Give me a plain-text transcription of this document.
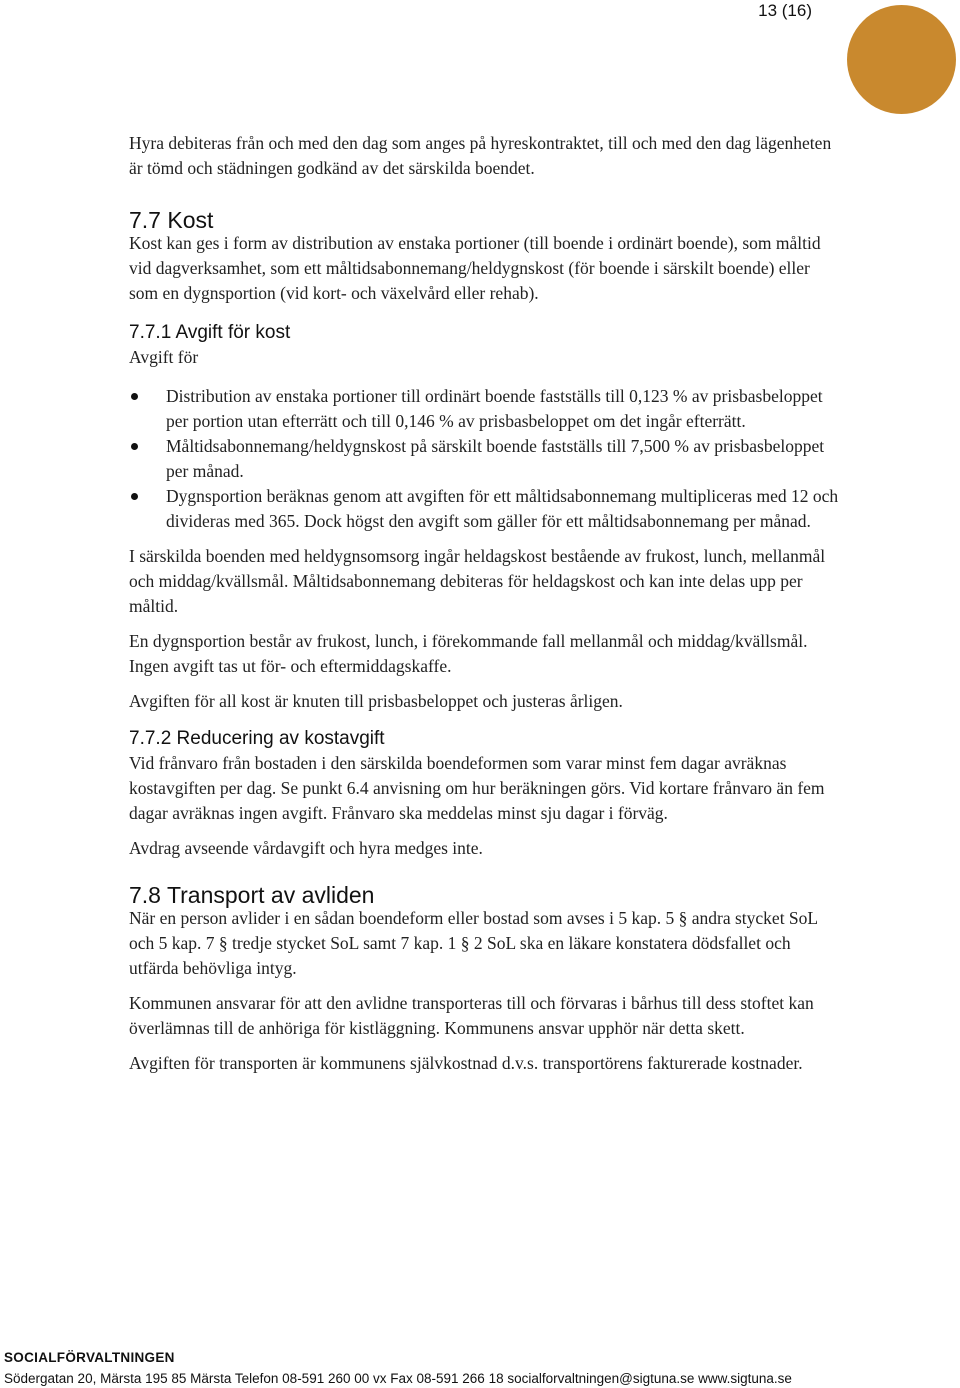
13 (16)

Hyra debiteras från och med den dag som anges på hyreskontraktet, till och med den dag lägenheten är tömd och städningen godkänd av det särskilda boendet.

7.7 Kost

Kost kan ges i form av distribution av enstaka portioner (till boende i ordinärt boende), som måltid vid dagverksamhet, som ett måltidsabonnemang/heldygnskost (för boende i särskilt boende) eller som en dygnsportion (vid kort- och växelvård eller rehab).

7.7.1 Avgift för kost

Avgift för

Distribution av enstaka portioner till ordinärt boende fastställs till 0,123 % av prisbasbeloppet per portion utan efterrätt och till 0,146 % av prisbasbeloppet om det ingår efterrätt.
Måltidsabonnemang/heldygnskost på särskilt boende fastställs till 7,500 % av prisbasbeloppet per månad.
Dygnsportion beräknas genom att avgiften för ett måltidsabonnemang multipliceras med 12 och divideras med 365. Dock högst den avgift som gäller för ett måltidsabonnemang per månad.

I särskilda boenden med heldygnsomsorg ingår heldagskost bestående av frukost, lunch, mellanmål och middag/kvällsmål. Måltidsabonnemang debiteras för heldagskost och kan inte delas upp per måltid.

En dygnsportion består av frukost, lunch, i förekommande fall mellanmål och middag/kvällsmål. Ingen avgift tas ut för- och eftermiddagskaffe.

Avgiften för all kost är knuten till prisbasbeloppet och justeras årligen.

7.7.2 Reducering av kostavgift

Vid frånvaro från bostaden i den särskilda boendeformen som varar minst fem dagar avräknas kostavgiften per dag. Se punkt 6.4 anvisning om hur beräkningen görs. Vid kortare frånvaro än fem dagar avräknas ingen avgift. Frånvaro ska meddelas minst sju dagar i förväg.

Avdrag avseende vårdavgift och hyra medges inte.

7.8 Transport av avliden

När en person avlider i en sådan boendeform eller bostad som avses i 5 kap. 5 § andra stycket SoL och 5 kap. 7 § tredje stycket SoL samt 7 kap. 1 § 2 SoL ska en läkare konstatera dödsfallet och utfärda behövliga intyg.

Kommunen ansvarar för att den avlidne transporteras till och förvaras i bårhus till dess stoftet kan överlämnas till de anhöriga för kistläggning. Kommunens ansvar upphör när detta skett.

Avgiften för transporten är kommunens självkostnad d.v.s. transportörens fakturerade kostnader.

SOCIALFÖRVALTNINGEN
Södergatan 20, Märsta 195 85 Märsta Telefon 08-591 260 00 vx Fax 08-591 266 18 socialforvaltningen@sigtuna.se www.sigtuna.se
